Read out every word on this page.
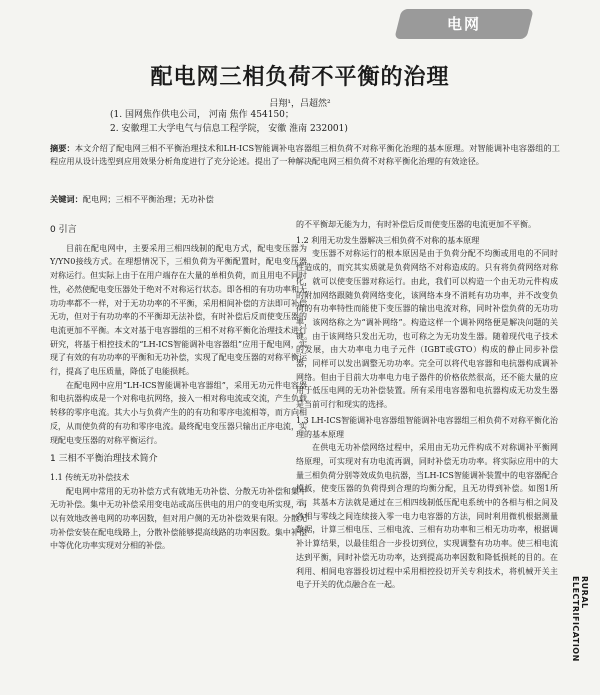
电网
配电网三相负荷不平衡的治理
吕翔¹，吕超然²
(1. 国网焦作供电公司， 河南 焦作 454150；
2. 安徽理工大学电气与信息工程学院， 安徽 淮南 232001)
摘要：本文介绍了配电网三相不平衡治理技术和LH-ICS智能调补电容器组三相负荷不对称平衡化治理的基本原理。对智能调补电容器组的工程应用从设计选型到应用效果分析角度进行了充分论述。提出了一种解决配电网三相负荷不对称平衡化治理的有效途径。
关键词：配电网；三相不平衡治理；无功补偿
0 引言

目前在配电网中，主要采用三相四线制的配电方式，配电变压器为Y/YN0接线方式。在理想情况下，三相负荷为平衡配置时，配电变压器对称运行。但实际上由于在用户端存在大量的单相负荷，而且用电不同时性，必然使配电变压器处于绝对不对称运行状态。即各相的有功功率和无功功率都不一样，对于无功功率的不平衡，采用相间补偿的方法即可补偿无功，但对于有功功率的不平衡却无法补偿，有时补偿后反而使变压器的电流更加不平衡。本文对基于电容器组的三相不对称平衡化治理技术进行研究，将基于相控技术的“LH-ICS智能调补电容器组”应用于配电网，实现了有效的有功功率的平衡和无功补偿，实现了配电变压器的对称平衡运行，提高了电压质量，降低了电能损耗。

在配电网中应用“LH-ICS智能调补电容器组”，采用无功元件电容器和电抗器构成是一个对称电抗网络，接入一相对称电流或交流，产生负载转移的零序电流。其大小与负荷产生的的有功和零序电流相等，而方向相反，从而使负荷的有功和零序电流。最终配电变压器只输出正序电流，实现配电变压器的对称平衡运行。

1 三相不平衡治理技术简介
1.1 传统无功补偿技术

配电网中常用的无功补偿方式有就地无功补偿、分散无功补偿和集中无功补偿。集中无功补偿采用变电站或高压供电的用户的变电所实现，可以有效地改善电网的功率因数，但对用户侧的无功补偿效果有限。分散无功补偿安装在配电线路上，分散补偿能够提高线路的功率因数。集中补偿中等优化功率实现对分相的补偿。

的不平衡却无能为力，有时补偿后反而使变压器的电流更加不平衡。

1.2 利用无功发生器解决三相负荷不对称的基本原理

变压器不对称运行的根本原因是由于负荷分配不均衡或用电的不同时性造成的，而究其实质就是负荷网络不对称造成的。只有将负荷网络对称化，就可以使变压器对称运行。由此，我们可以构造一个由无功元件构成的附加网络跟随负荷网络变化，该网络本身不消耗有功功率，并不改变负荷的有功率特性而能使下变压器的输出电流对称，同时补偿负荷的无功功率，该网络称之为“调补网络”。构造这样一个调补网络便是解决问题的关键。由于该网络只发出无功，也可称之为无功发生器。随着现代电子技术的发展，由大功率电力电子元件（IGBT或GTO）构成的静止同步补偿器，同样可以发出调整无功功率。完全可以将代电容器和电抗器构成调补网络。但由于目前大功率电力电子器件的价格依然很高，还不能大量的应用于低压电网的无功补偿装置。所有采用电容器和电抗器构成无功发生器是当前可行和现实的选择。

1.3 LH-ICS智能调补电容器组智能调补电容器组三相负荷不对称平衡化治理的基本原理

在供电无功补偿网络过程中，采用由无功元件构成不对称调补平衡网络原理，可实现对有功电流再调，同时补偿无功功率。将实际应用中的大量三相负荷分别等效成负电抗器，当LH-ICS智能调补装置中的电容器配合模板，使变压器的负荷得到合理的均衡分配，且无功得到补偿。如图1所示，其基本方法就是通过在三相四线制低压配电系统中的各相与相之间及各相与零线之间连续接入零一电力电容器的方法，同时利用微机根据测量数据，计算三相电压、三相电流、三相有功功率和三相无功功率，根据调补计算结果，以最佳组合一步投切到位，实现调整有功功率。使三相电流达到平衡，同时补偿无功功率，达到提高功率因数和降低损耗的目的。在利用、相间电容器投切过程中采用相控投切开关专利技术，将机械开关主电子开关的优点融合在一起。	RURAL ELECTRIFICATION
